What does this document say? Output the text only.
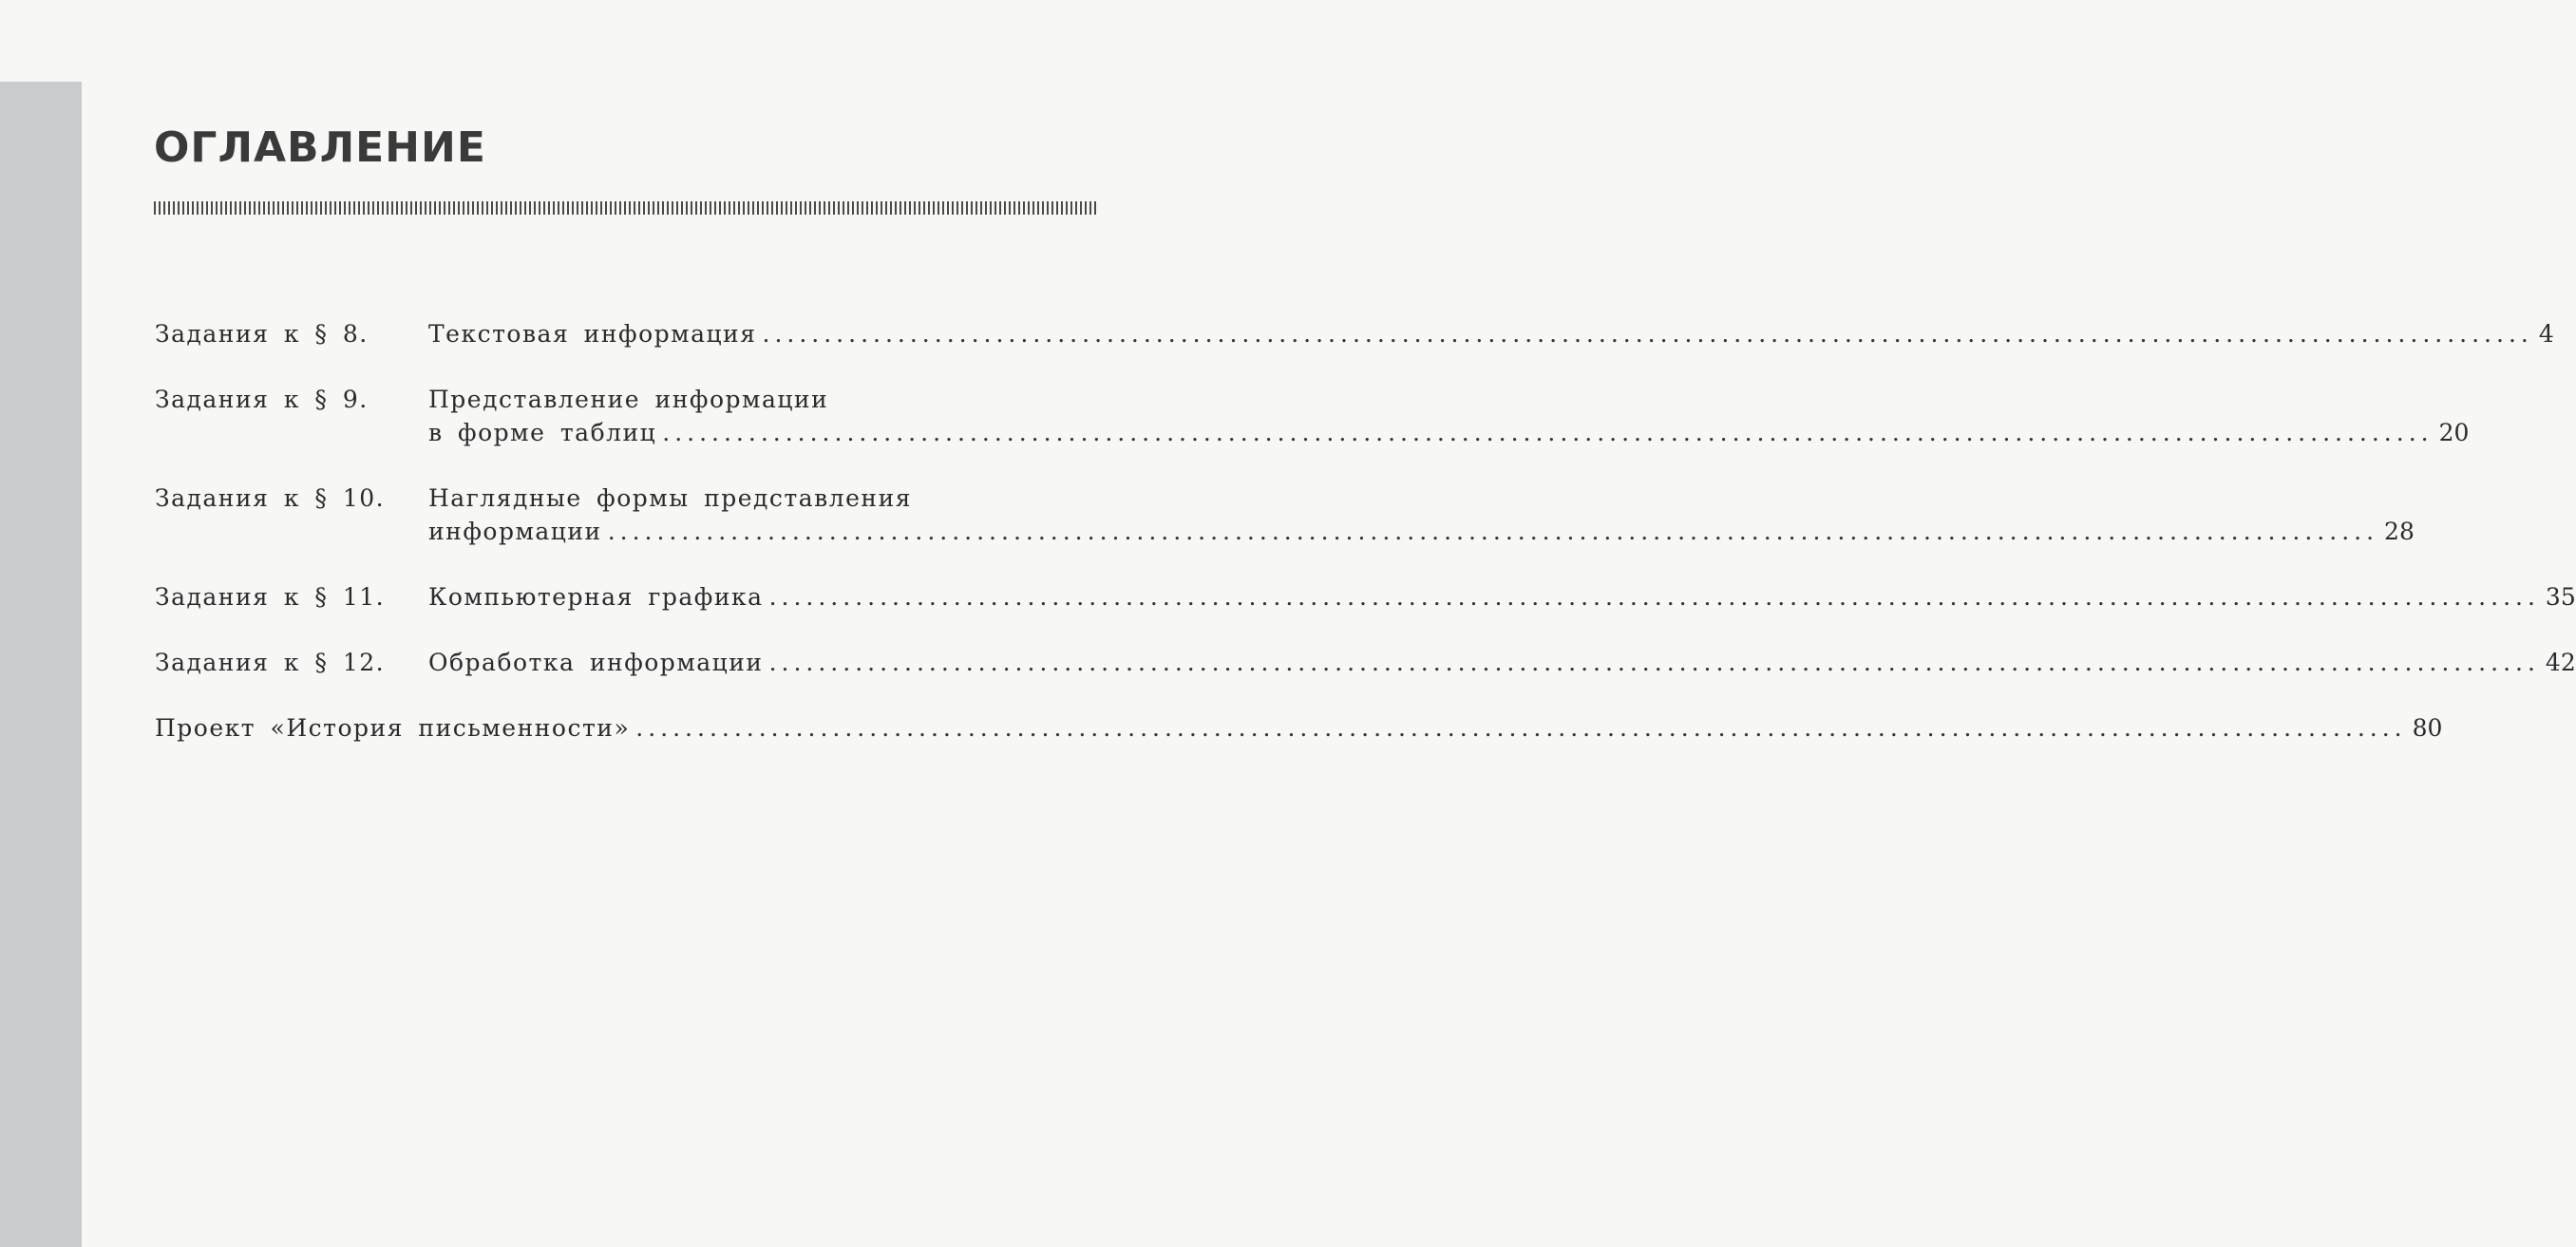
ОГЛАВЛЕНИЕ
Задания к § 8.	Текстовая информация ................................................................................................................................................ 4
Задания к § 9.	Представление информации
в форме таблиц ................................................................................................................................................ 20
Задания к § 10. Наглядные формы представления
информации ................................................................................................................................................ 28
Задания к § 11. Компьютерная графика ................................................................................................................................................ 35
Задания к § 12. Обработка информации ................................................................................................................................................ 42
Проект «История письменности» ................................................................................................................................................ 80
